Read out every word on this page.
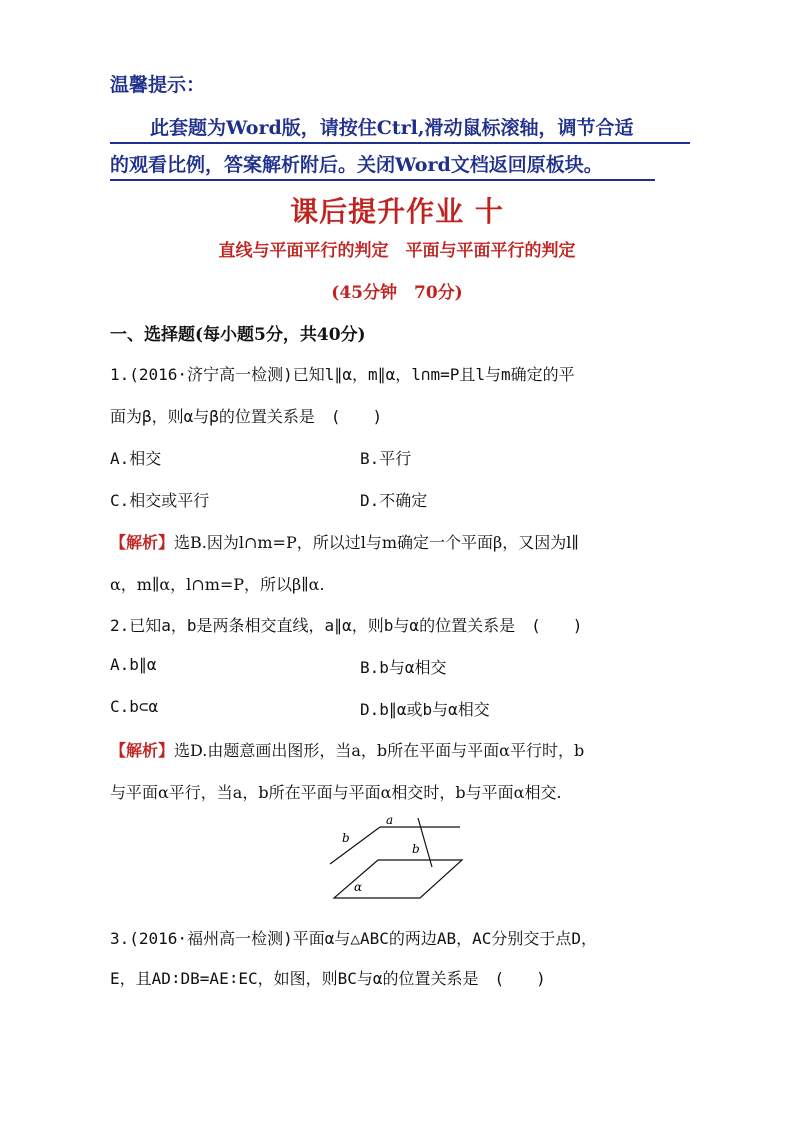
温馨提示：
此套题为Word版，请按住Ctrl,滑动鼠标滚轴，调节合适
的观看比例，答案解析附后。关闭Word文档返回原板块。
课后提升作业 十
直线与平面平行的判定　平面与平面平行的判定
(45分钟　70分)
一、选择题(每小题5分，共40分)
1.(2016·济宁高一检测)已知l∥α，m∥α，l∩m=P且l与m确定的平
面为β，则α与β的位置关系是　(　　)
A.相交	B.平行
C.相交或平行	D.不确定
【解析】选B.因为l∩m=P，所以过l与m确定一个平面β，又因为l∥
α，m∥α，l∩m=P，所以β∥α.
2.已知a，b是两条相交直线，a∥α，则b与α的位置关系是　(　　)
A.b∥α	B.b与α相交
C.b⊂α	D.b∥α或b与α相交
【解析】选D.由题意画出图形，当a，b所在平面与平面α平行时，b
与平面α平行，当a，b所在平面与平面α相交时，b与平面α相交.
a
b
b
α
3.(2016·福州高一检测)平面α与△ABC的两边AB，AC分别交于点D，
E，且AD∶DB=AE∶EC，如图，则BC与α的位置关系是　(　　)
